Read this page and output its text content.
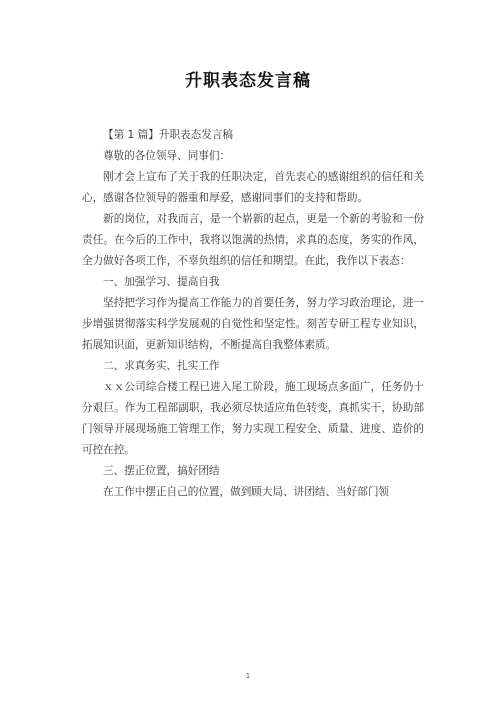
升职表态发言稿

【第 1 篇】升职表态发言稿

尊敬的各位领导、同事们：

刚才会上宣布了关于我的任职决定，首先衷心的感谢组织的信任和关心，感谢各位领导的器重和厚爱，感谢同事们的支持和帮助。

新的岗位，对我而言，是一个崭新的起点，更是一个新的考验和一份责任。在今后的工作中，我将以饱满的热情，求真的态度，务实的作风，全力做好各项工作，不辜负组织的信任和期望。在此，我作以下表态：

一、加强学习、提高自我

坚持把学习作为提高工作能力的首要任务，努力学习政治理论，进一步增强贯彻落实科学发展观的自觉性和坚定性。刻苦专研工程专业知识，拓展知识面，更新知识结构，不断提高自我整体素质。

二、求真务实、扎实工作

ｘｘ公司综合楼工程已进入尾工阶段，施工现场点多面广，任务仍十分艰巨。作为工程部副职，我必须尽快适应角色转变，真抓实干，协助部门领导开展现场施工管理工作，努力实现工程安全、质量、进度、造价的可控在控。

三、摆正位置，搞好团结

在工作中摆正自己的位置，做到顾大局、讲团结、当好部门领

1
